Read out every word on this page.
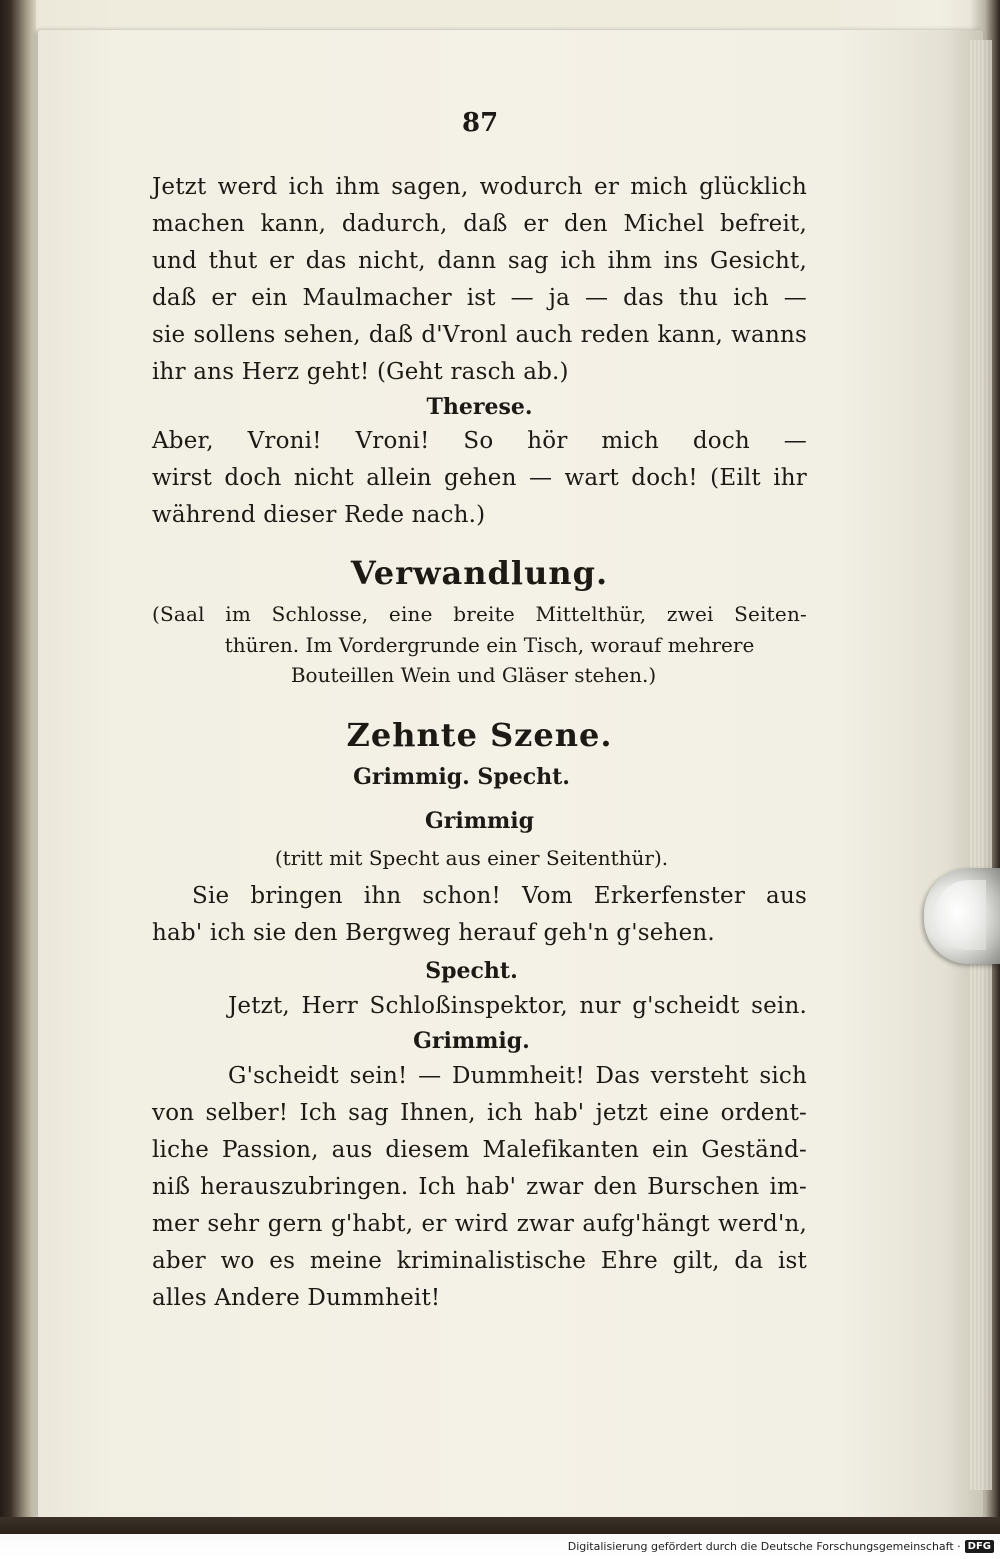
87
Jetzt werd ich ihm sagen, wodurch er mich glücklich
machen kann, dadurch, daß er den Michel befreit,
und thut er das nicht, dann sag ich ihm ins Gesicht,
daß er ein Maulmacher ist — ja — das thu ich —
sie sollens sehen, daß d'Vronl auch reden kann, wanns
ihr ans Herz geht! (Geht rasch ab.)
Therese.
Aber, Vroni! Vroni! So hör mich doch —
wirst doch nicht allein gehen — wart doch! (Eilt ihr
während dieser Rede nach.)
Verwandlung.
(Saal im Schlosse, eine breite Mittelthür, zwei Seiten-
thüren. Im Vordergrunde ein Tisch, worauf mehrere
Bouteillen Wein und Gläser stehen.)
Zehnte Szene.
Grimmig. Specht.
Grimmig
(tritt mit Specht aus einer Seitenthür).
Sie bringen ihn schon! Vom Erkerfenster aus
hab' ich sie den Bergweg herauf geh'n g'sehen.
Specht.
Jetzt, Herr Schloßinspektor, nur g'scheidt sein.
Grimmig.
G'scheidt sein! — Dummheit! Das versteht sich
von selber! Ich sag Ihnen, ich hab' jetzt eine ordent-
liche Passion, aus diesem Malefikanten ein Geständ-
niß herauszubringen. Ich hab' zwar den Burschen im-
mer sehr gern g'habt, er wird zwar aufg'hängt werd'n,
aber wo es meine kriminalistische Ehre gilt, da ist
alles Andere Dummheit!
Digitalisierung gefördert durch die Deutsche Forschungsgemeinschaft · DFG
